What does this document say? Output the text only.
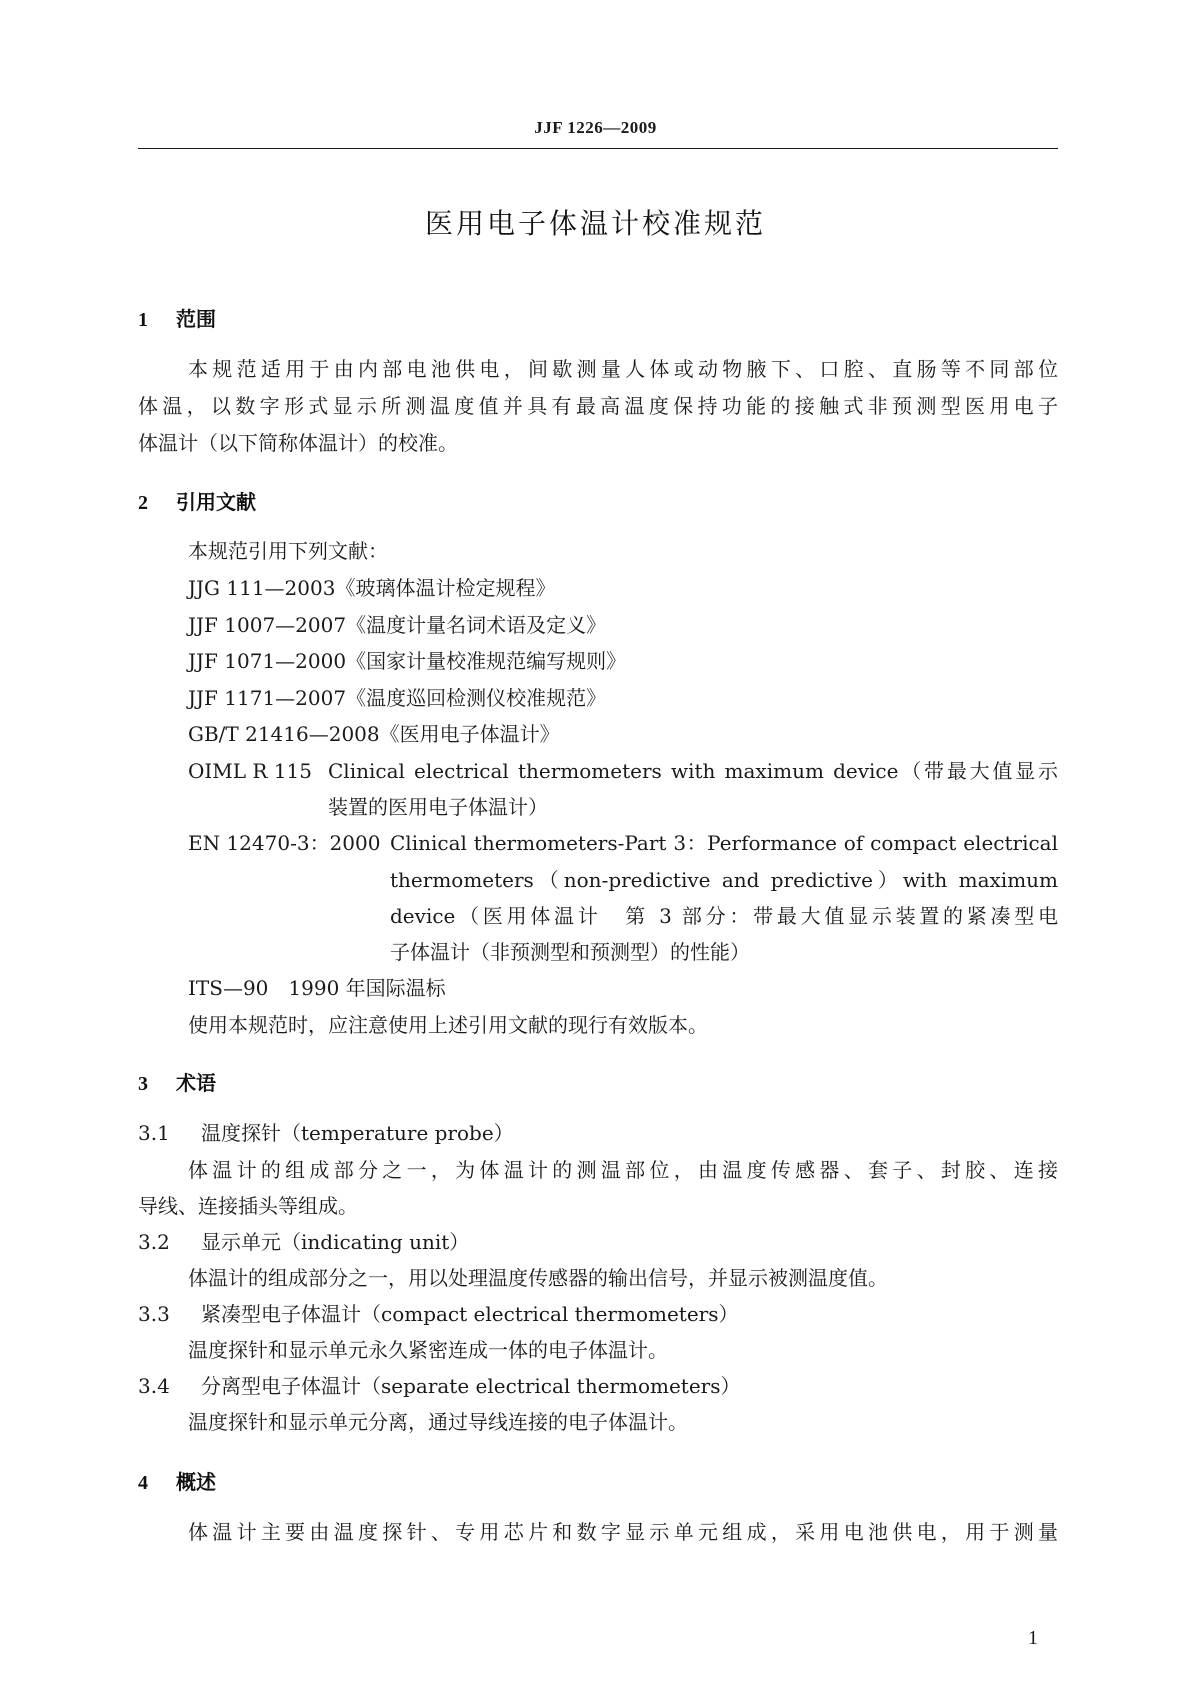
JJF 1226—2009
医用电子体温计校准规范
1 范围
本规范适用于由内部电池供电，间歇测量人体或动物腋下、口腔、直肠等不同部位
体温，以数字形式显示所测温度值并具有最高温度保持功能的接触式非预测型医用电子
体温计（以下简称体温计）的校准。
2 引用文献
本规范引用下列文献：
JJG 111—2003《玻璃体温计检定规程》
JJF 1007—2007《温度计量名词术语及定义》
JJF 1071—2000《国家计量校准规范编写规则》
JJF 1171—2007《温度巡回检测仪校准规范》
GB/T 21416—2008《医用电子体温计》
OIML R 115 Clinical electrical thermometers with maximum device（带最大值显示
装置的医用电子体温计）
EN 12470-3：2000 Clinical thermometers-Part 3：Performance of compact electrical
thermometers（non-predictive and predictive）with maximum
device（医用体温计　第 3 部分：带最大值显示装置的紧凑型电
子体温计（非预测型和预测型）的性能）
ITS—90　1990 年国际温标
使用本规范时，应注意使用上述引用文献的现行有效版本。
3 术语
3.1 温度探针（temperature probe）
体温计的组成部分之一，为体温计的测温部位，由温度传感器、套子、封胶、连接
导线、连接插头等组成。
3.2 显示单元（indicating unit）
体温计的组成部分之一，用以处理温度传感器的输出信号，并显示被测温度值。
3.3 紧凑型电子体温计（compact electrical thermometers）
温度探针和显示单元永久紧密连成一体的电子体温计。
3.4 分离型电子体温计（separate electrical thermometers）
温度探针和显示单元分离，通过导线连接的电子体温计。
4 概述
体温计主要由温度探针、专用芯片和数字显示单元组成，采用电池供电，用于测量
1
